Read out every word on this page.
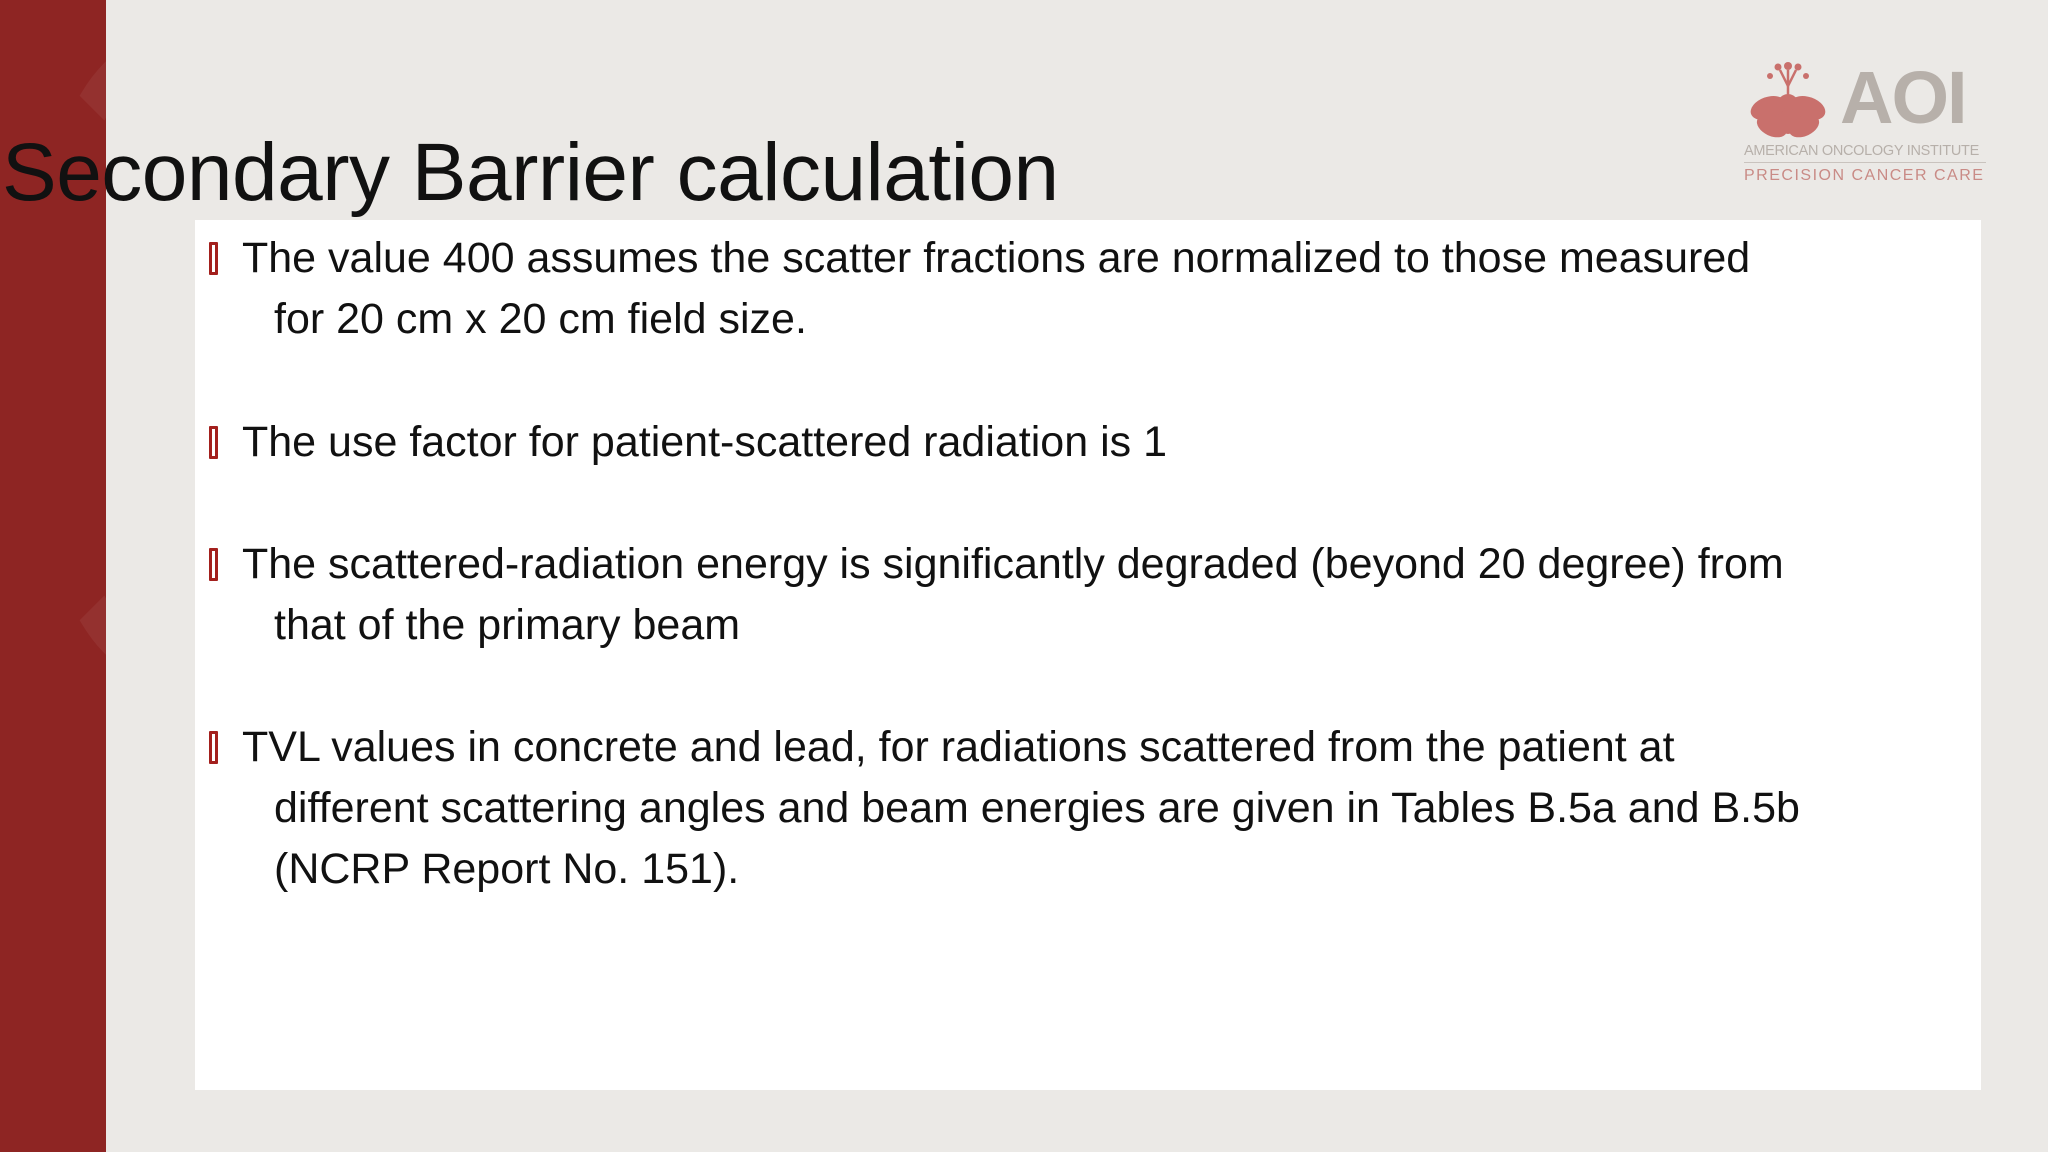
Secondary Barrier calculation
AOI
AMERICAN ONCOLOGY INSTITUTE
PRECISION CANCER CARE
The value 400 assumes the scatter fractions are normalized to those measured
for 20 cm x 20 cm field size.
The use factor for patient-scattered radiation is 1
The scattered-radiation energy is significantly degraded (beyond 20 degree) from
that of the primary beam
TVL values in concrete and lead, for radiations scattered from the patient at
different scattering angles and beam energies are given in Tables B.5a and B.5b
(NCRP Report No. 151).
